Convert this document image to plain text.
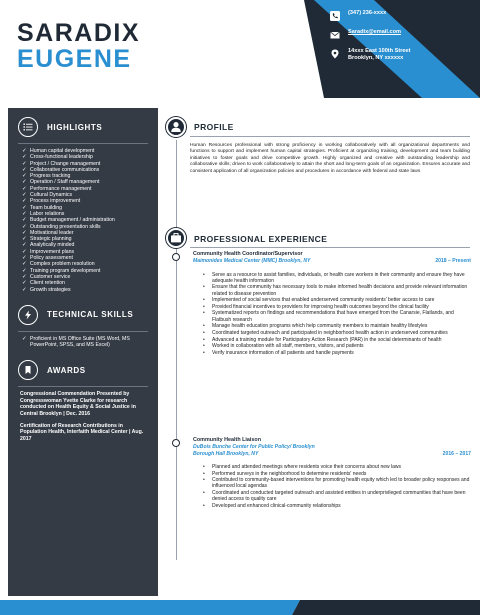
SARADIX
EUGENE
(347) 236-xxxx
Saradix@email.com
14xxx East 100th Street
Brooklyn, NY xxxxxx
HIGHLIGHTS
✓ Human capital development
✓ Cross-functional leadership
✓ Project / Change management
✓ Collaborative communications
✓ Progress tracking
✓ Operation / Staff management
✓ Performance management
✓ Cultural Dynamics
✓ Process improvement
✓ Team building
✓ Labor relations
✓ Budget management / administration
✓ Outstanding presentation skills
✓ Motivational leader
✓ Strategic planning
✓ Analytically minded
✓ Improvement plans
✓ Policy assessment
✓ Complex problem resolution
✓ Training program development
✓ Customer service
✓ Client retention
✓ Growth strategies
TECHNICAL SKILLS
✓ Proficient in MS Office Suite (MS Word, MS PowerPoint, SPSS, and MS Excel)
AWARDS

Congressional Commendation Presented by Congresswoman Yvette Clarke for research conducted on Health Equity & Social Justice in Central Brooklyn | Dec. 2016

Certification of Research Contributions in Population Health, Interfaith Medical Center | Aug. 2017

PROFILE
Human Resources professional with strong proficiency in working collaboratively with all organizational departments and functions to support and implement human capital strategies. Proficient at organizing training, development and team building initiatives to foster goals and drive competitive growth. Highly organized and creative with outstanding leadership and collaborative skills; driven to work collaboratively to attain the short and long-term goals of an organization. Ensures accurate and consistent application of all organization policies and procedures in accordance with federal and state laws
PROFESSIONAL EXPERIENCE
Community Health Coordinator/Supervisor
Maimonides Medical Center (MMC) Brooklyn, NY	2018 – Present
•	Serve as a resource to assist families, individuals, or health care workers in their community and ensure they have adequate health information
•	Ensure that the community has necessary tools to make informed health decisions and provide relevant information related to disease prevention
•	Implemented of social services that enabled underserved community residents' better access to care
•	Provided financial incentives to providers for improving health outcomes beyond the clinical facility
•	Systematized reports on findings and recommendations that have emerged from the Canarsie, Flatlands, and Flatbush research
•	Manage health education programs which help community members to maintain healthy lifestyles
•	Coordinated targeted outreach and participated in neighborhood health action in underserved communities
•	Advanced a training module for Participatory Action Research (PAR) in the social determinants of health
•	Worked in collaboration with all staff, members, visitors, and patients
•	Verify insurance information of all patients and handle payments
Community Health Liaison
DuBois Bunche Center for Public Policy/ Brooklyn Borough Hall Brooklyn, NY	2016 – 2017
•	Planned and attended meetings where residents voice their concerns about new laws
•	Performed surveys in the neighborhood to determine residents' needs
•	Contributed to community-based interventions for promoting health equity which led to broader policy responses and influenced local agendas
•	Coordinated and conducted targeted outreach and assisted entities in underprivileged communities that have been denied access to quality care
•	Developed and enhanced clinical-community relationships
